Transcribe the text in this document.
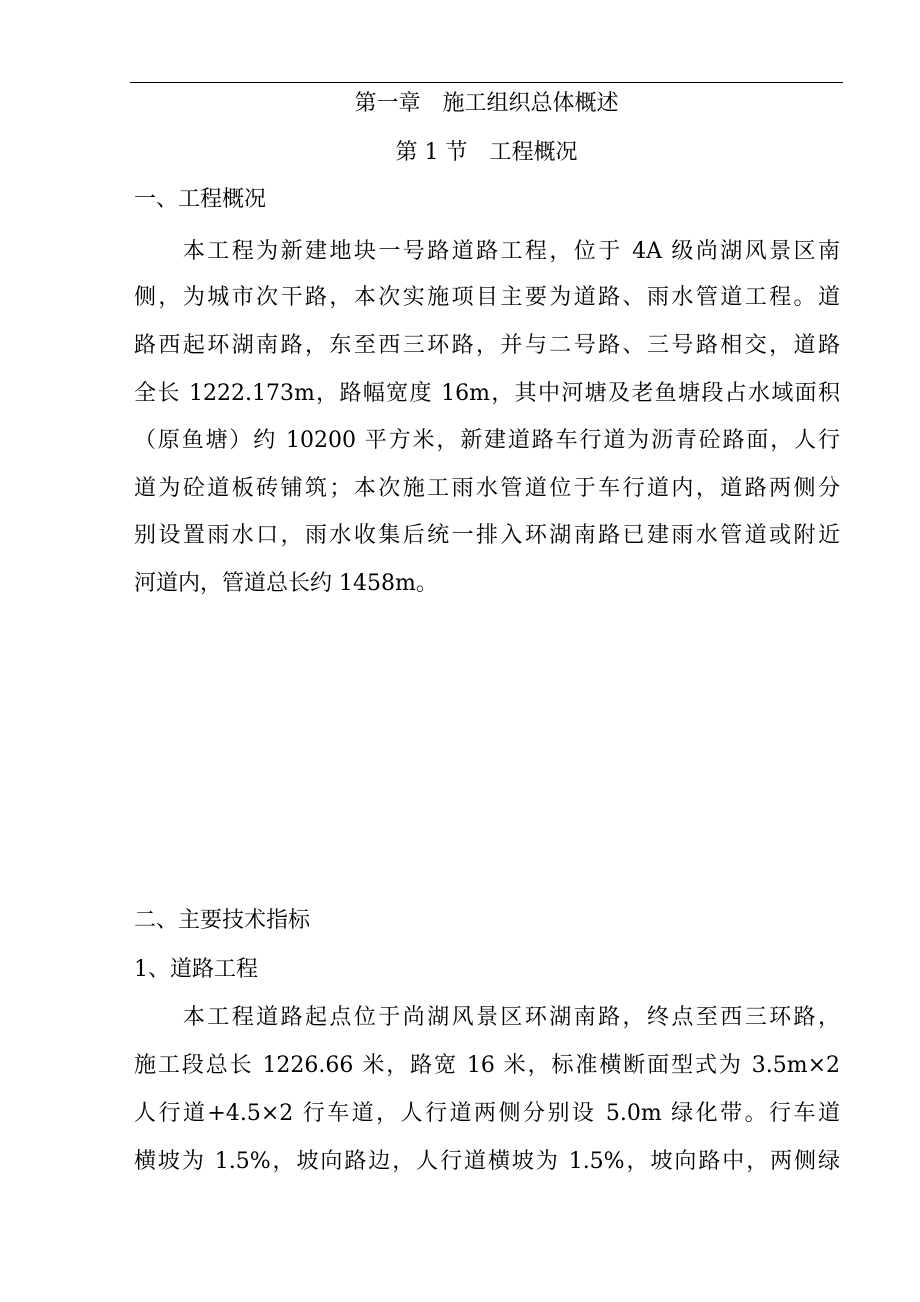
第一章　施工组织总体概述
第 1 节　工程概况
一、工程概况
　　本工程为新建地块一号路道路工程，位于 4A 级尚湖风景区南
侧，为城市次干路，本次实施项目主要为道路、雨水管道工程。道
路西起环湖南路，东至西三环路，并与二号路、三号路相交，道路
全长 1222.173m，路幅宽度 16m，其中河塘及老鱼塘段占水域面积
（原鱼塘）约 10200 平方米，新建道路车行道为沥青砼路面，人行
道为砼道板砖铺筑；本次施工雨水管道位于车行道内，道路两侧分
别设置雨水口，雨水收集后统一排入环湖南路已建雨水管道或附近
河道内，管道总长约 1458m。
二、主要技术指标
1、道路工程
　　本工程道路起点位于尚湖风景区环湖南路，终点至西三环路，
施工段总长 1226.66 米，路宽 16 米，标准横断面型式为 3.5m×2
人行道+4.5×2 行车道，人行道两侧分别设 5.0m 绿化带。行车道
横坡为 1.5%，坡向路边，人行道横坡为 1.5%，坡向路中，两侧绿
